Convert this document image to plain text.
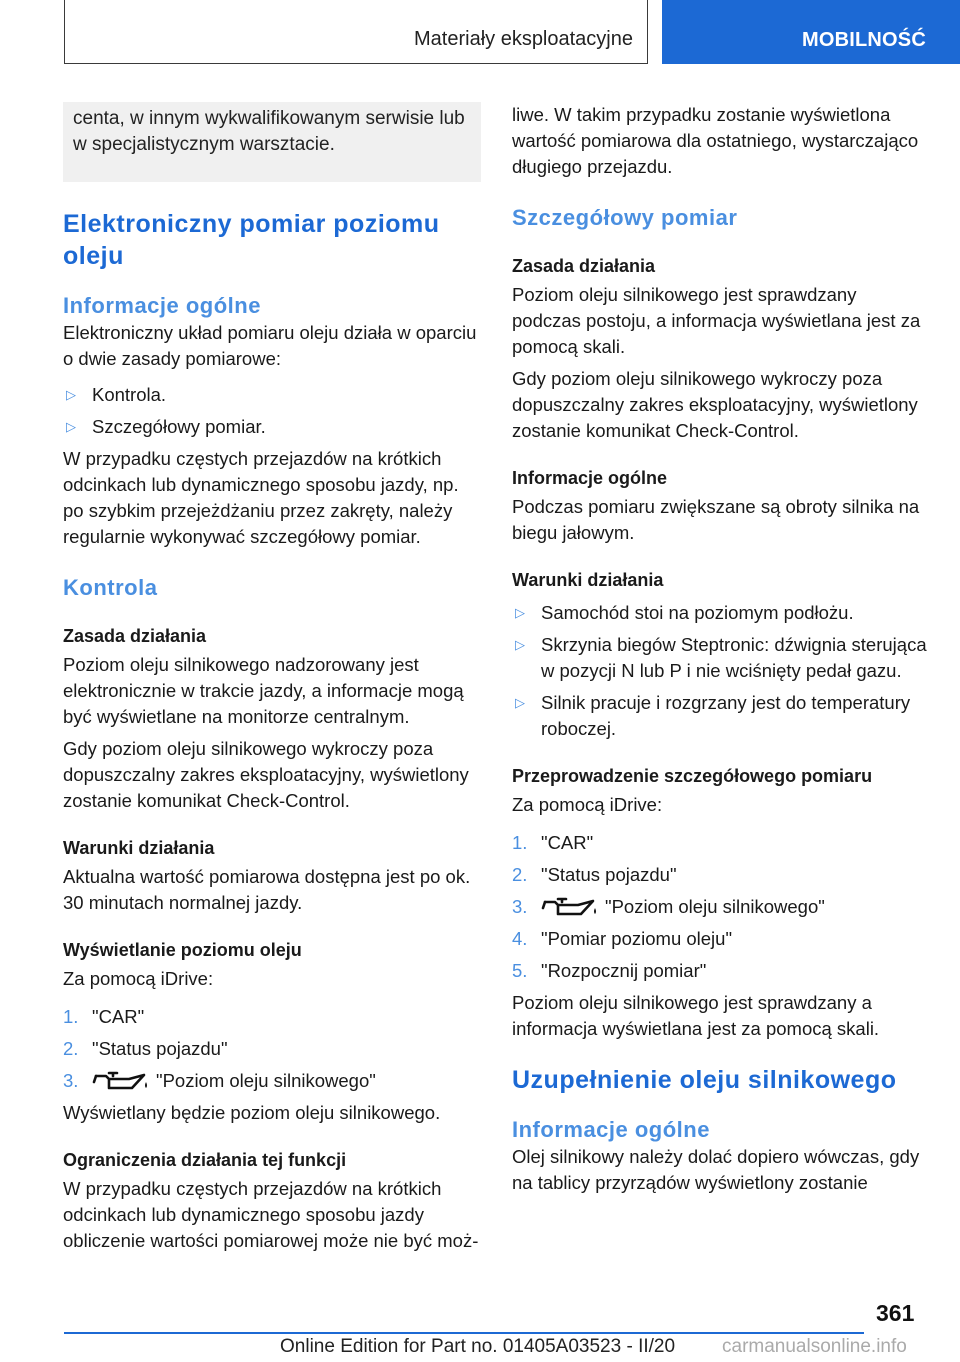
Materiały eksploatacyjne	MOBILNOŚĆ
centa, w innym wykwalifikowanym serwisie lub w specjalistycznym warsztacie.
Elektroniczny pomiar poziomu oleju
Informacje ogólne
Elektroniczny układ pomiaru oleju działa w oparciu o dwie zasady pomiarowe:
▷ Kontrola.
▷ Szczegółowy pomiar.
W przypadku częstych przejazdów na krótkich odcinkach lub dynamicznego sposobu jazdy, np. po szybkim przejeżdżaniu przez zakręty, należy regularnie wykonywać szczegółowy pomiar.
Kontrola
Zasada działania
Poziom oleju silnikowego nadzorowany jest elektronicznie w trakcie jazdy, a informacje mogą być wyświetlane na monitorze centralnym.
Gdy poziom oleju silnikowego wykroczy poza dopuszczalny zakres eksploatacyjny, wyświetlony zostanie komunikat Check-Control.
Warunki działania
Aktualna wartość pomiarowa dostępna jest po ok. 30 minutach normalnej jazdy.
Wyświetlanie poziomu oleju
Za pomocą iDrive:
1. "CAR"
2. "Status pojazdu"
3.	"Poziom oleju silnikowego"
Wyświetlany będzie poziom oleju silnikowego.
Ograniczenia działania tej funkcji
W przypadku częstych przejazdów na krótkich odcinkach lub dynamicznego sposobu jazdy obliczenie wartości pomiarowej może nie być moż-
liwe. W takim przypadku zostanie wyświetlona wartość pomiarowa dla ostatniego, wystarczająco długiego przejazdu.
Szczegółowy pomiar
Zasada działania
Poziom oleju silnikowego jest sprawdzany podczas postoju, a informacja wyświetlana jest za pomocą skali.
Gdy poziom oleju silnikowego wykroczy poza dopuszczalny zakres eksploatacyjny, wyświetlony zostanie komunikat Check-Control.
Informacje ogólne
Podczas pomiaru zwiększane są obroty silnika na biegu jałowym.
Warunki działania
▷ Samochód stoi na poziomym podłożu.
▷ Skrzynia biegów Steptronic: dźwignia sterująca w pozycji N lub P i nie wciśnięty pedał gazu.
▷ Silnik pracuje i rozgrzany jest do temperatury roboczej.
Przeprowadzenie szczegółowego pomiaru
Za pomocą iDrive:
1. "CAR"
2. "Status pojazdu"
3.	"Poziom oleju silnikowego"
4. "Pomiar poziomu oleju"
5. "Rozpocznij pomiar"
Poziom oleju silnikowego jest sprawdzany a informacja wyświetlana jest za pomocą skali.
Uzupełnienie oleju silnikowego
Informacje ogólne
Olej silnikowy należy dolać dopiero wówczas, gdy na tablicy przyrządów wyświetlony zostanie
361
Online Edition for Part no. 01405A03523 - II/20 carmanualsonline.info
